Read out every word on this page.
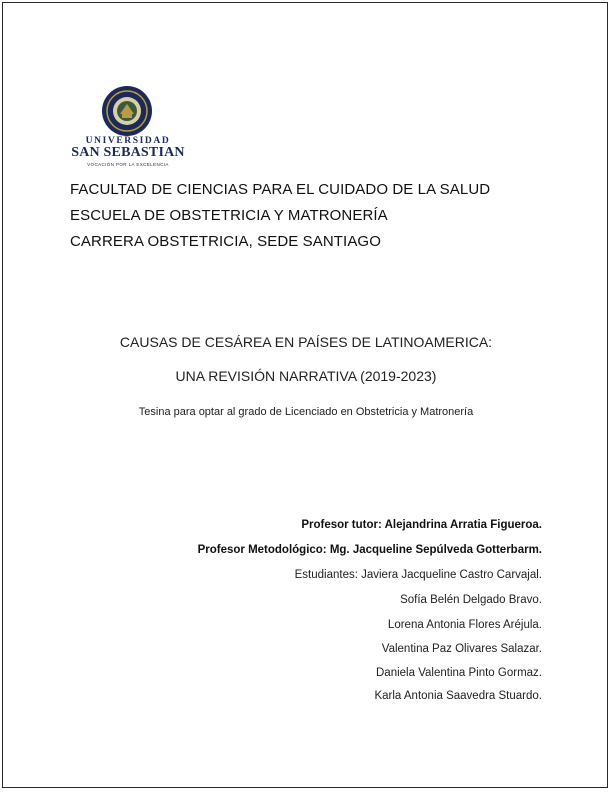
UNIVERSIDAD
SAN SEBASTIAN
VOCACIÓN POR LA EXCELENCIA
FACULTAD DE CIENCIAS PARA EL CUIDADO DE LA SALUD
ESCUELA DE OBSTETRICIA Y MATRONERÍA
CARRERA OBSTETRICIA, SEDE SANTIAGO
CAUSAS DE CESÁREA EN PAÍSES DE LATINOAMERICA:
UNA REVISIÓN NARRATIVA (2019-2023)
Tesina para optar al grado de Licenciado en Obstetricia y Matronería
Profesor tutor: Alejandrina Arratia Figueroa.
Profesor Metodológico: Mg. Jacqueline Sepúlveda Gotterbarm.
Estudiantes: Javiera Jacqueline Castro Carvajal.
Sofía Belén Delgado Bravo.
Lorena Antonia Flores Aréjula.
Valentina Paz Olivares Salazar.
Daniela Valentina Pinto Gormaz.
Karla Antonia Saavedra Stuardo.
